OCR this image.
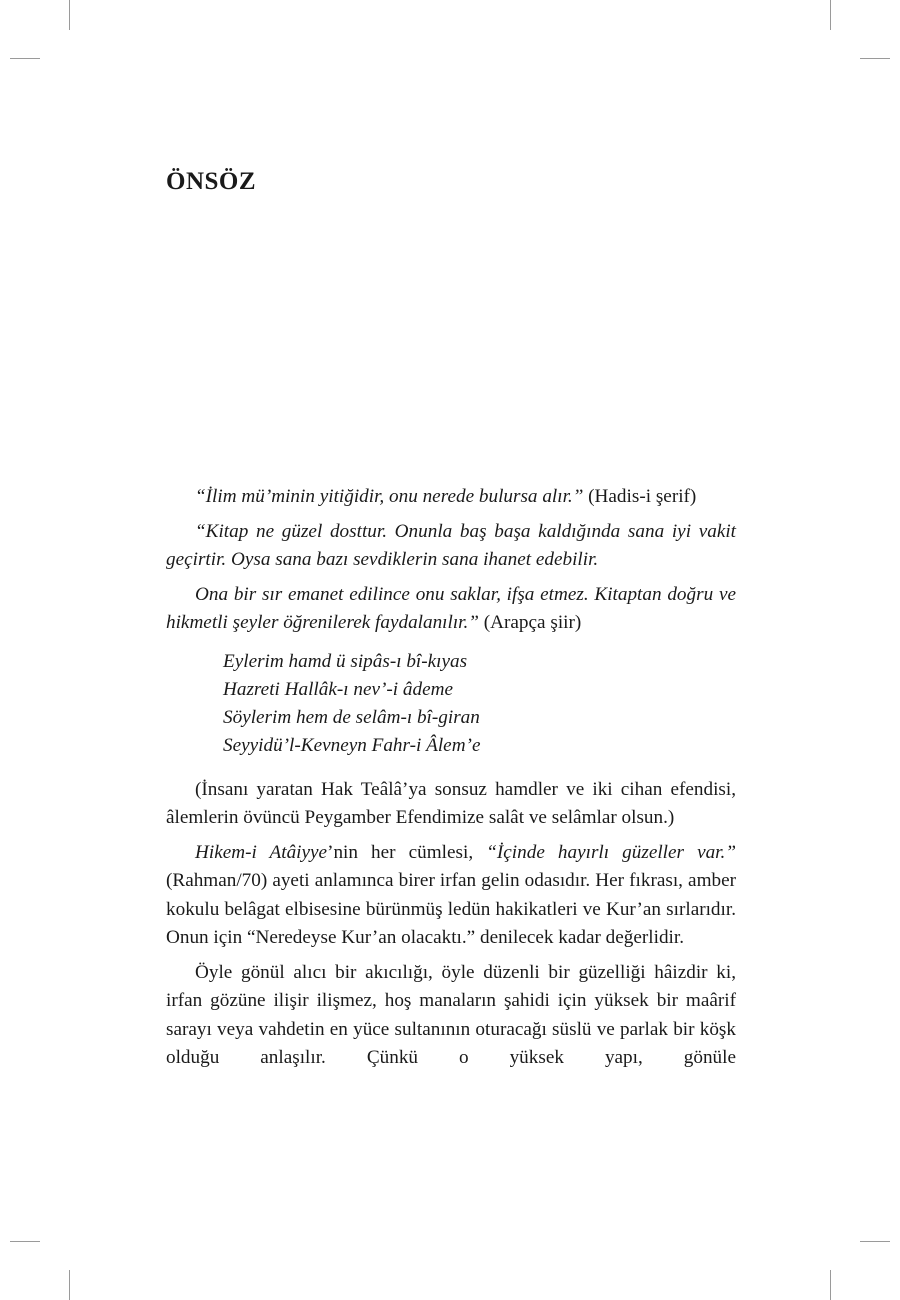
ÖNSÖZ

“İlim mü’minin yitiğidir, onu nerede bulursa alır.” (Hadis-i şerif)

“Kitap ne güzel dosttur. Onunla baş başa kaldığında sana iyi vakit geçirtir. Oysa sana bazı sevdiklerin sana ihanet edebilir.

Ona bir sır emanet edilince onu saklar, ifşa etmez. Kitaptan doğru ve hikmetli şeyler öğrenilerek faydalanılır.” (Arapça şiir)

Eylerim hamd ü sipâs-ı bî-kıyas
Hazreti Hallâk-ı nev’-i âdeme
Söylerim hem de selâm-ı bî-giran
Seyyidü’l-Kevneyn Fahr-i Âlem’e

(İnsanı yaratan Hak Teâlâ’ya sonsuz hamdler ve iki cihan efendisi, âlemlerin övüncü Peygamber Efendimize salât ve selâmlar olsun.)

Hikem-i Atâiyye’nin her cümlesi, “İçinde hayırlı güzeller var.” (Rahman/70) ayeti anlamınca birer irfan gelin odasıdır. Her fıkrası, amber kokulu belâgat elbisesine bürünmüş ledün hakikatleri ve Kur’an sırlarıdır. Onun için “Neredeyse Kur’an olacaktı.” denilecek kadar değerlidir.

Öyle gönül alıcı bir akıcılığı, öyle düzenli bir güzelliği hâizdir ki, irfan gözüne ilişir ilişmez, hoş manaların şahidi için yüksek bir maârif sarayı veya vahdetin en yüce sultanının oturacağı süslü ve parlak bir köşk olduğu anlaşılır. Çünkü o yüksek yapı, gönüle
